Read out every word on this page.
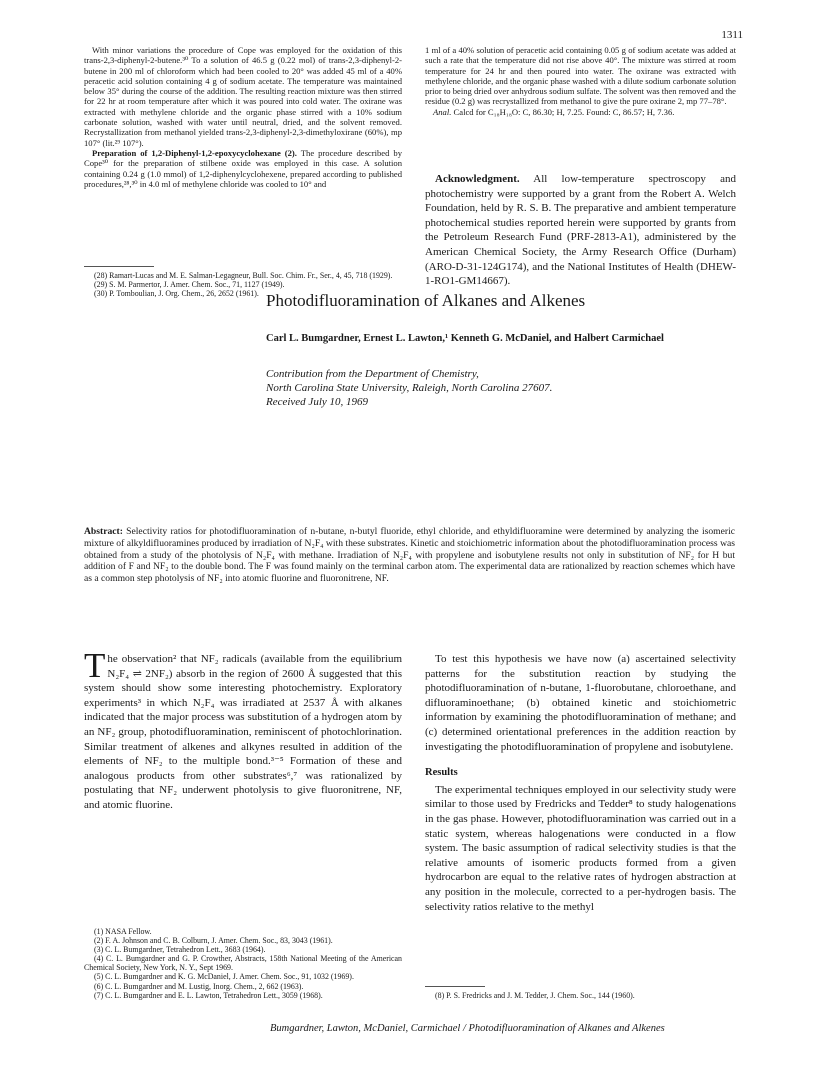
1311

With minor variations the procedure of Cope was employed for the oxidation of this trans-2,3-diphenyl-2-butene.³⁰ To a solution of 46.5 g (0.22 mol) of trans-2,3-diphenyl-2-butene in 200 ml of chloroform which had been cooled to 20° was added 45 ml of a 40% peracetic acid solution containing 4 g of sodium acetate. The temperature was maintained below 35° during the course of the addition. The resulting reaction mixture was then stirred for 22 hr at room temperature after which it was poured into cold water. The oxirane was extracted with methylene chloride and the organic phase stirred with a 10% sodium carbonate solution, washed with water until neutral, dried, and the solvent removed. Recrystallization from methanol yielded trans-2,3-diphenyl-2,3-dimethyloxirane (60%), mp 107° (lit.²⁹ 107°).

Preparation of 1,2-Diphenyl-1,2-epoxycyclohexane (2). The procedure described by Cope³⁰ for the preparation of stilbene oxide was employed in this case. A solution containing 0.24 g (1.0 mmol) of 1,2-diphenylcyclohexene, prepared according to published procedures,²⁸,³⁰ in 4.0 ml of methylene chloride was cooled to 10° and

(28) Ramart-Lucas and M. E. Salman-Legagneur, Bull. Soc. Chim. Fr., Ser., 4, 45, 718 (1929).

(29) S. M. Parmertor, J. Amer. Chem. Soc., 71, 1127 (1949).

(30) P. Tomboulian, J. Org. Chem., 26, 2652 (1961).

1 ml of a 40% solution of peracetic acid containing 0.05 g of sodium acetate was added at such a rate that the temperature did not rise above 40°. The mixture was stirred at room temperature for 24 hr and then poured into water. The oxirane was extracted with methylene chloride, and the organic phase washed with a dilute sodium carbonate solution prior to being dried over anhydrous sodium sulfate. The solvent was then removed and the residue (0.2 g) was recrystallized from methanol to give the pure oxirane 2, mp 77–78°.

Anal. Calcd for C₁₈H₁₈O: C, 86.30; H, 7.25. Found: C, 86.57; H, 7.36.

Acknowledgment. All low-temperature spectroscopy and photochemistry were supported by a grant from the Robert A. Welch Foundation, held by R. S. B. The preparative and ambient temperature photochemical studies reported herein were supported by grants from the Petroleum Research Fund (PRF-2813-A1), administered by the American Chemical Society, the Army Research Office (Durham) (ARO-D-31-124G174), and the National Institutes of Health (DHEW-1-RO1-GM14667).

Photodifluoramination of Alkanes and Alkenes
Carl L. Bumgardner, Ernest L. Lawton,¹ Kenneth G. McDaniel, and Halbert Carmichael
Contribution from the Department of Chemistry,
North Carolina State University, Raleigh, North Carolina 27607.
Received July 10, 1969
Abstract: Selectivity ratios for photodifluoramination of n-butane, n-butyl fluoride, ethyl chloride, and ethyldifluoramine were determined by analyzing the isomeric mixture of alkyldifluoramines produced by irradiation of N₂F₄ with these substrates. Kinetic and stoichiometric information about the photodifluoramination process was obtained from a study of the photolysis of N₂F₄ with methane. Irradiation of N₂F₄ with propylene and isobutylene results not only in substitution of NF₂ for H but addition of F and NF₂ to the double bond. The F was found mainly on the terminal carbon atom. The experimental data are rationalized by reaction schemes which have as a common step photolysis of NF₂ into atomic fluorine and fluoronitrene, NF.

The observation² that NF₂ radicals (available from the equilibrium N₂F₄ ⇌ 2NF₂) absorb in the region of 2600 Å suggested that this system should show some interesting photochemistry. Exploratory experiments³ in which N₂F₄ was irradiated at 2537 Å with alkanes indicated that the major process was substitution of a hydrogen atom by an NF₂ group, photodifluoramination, reminiscent of photochlorination. Similar treatment of alkenes and alkynes resulted in addition of the elements of NF₂ to the multiple bond.³⁻⁵ Formation of these and analogous products from other substrates⁶,⁷ was rationalized by postulating that NF₂ underwent photolysis to give fluoronitrene, NF, and atomic fluorine.

(1) NASA Fellow.

(2) F. A. Johnson and C. B. Colburn, J. Amer. Chem. Soc., 83, 3043 (1961).

(3) C. L. Bumgardner, Tetrahedron Lett., 3683 (1964).

(4) C. L. Bumgardner and G. P. Crowther, Abstracts, 158th National Meeting of the American Chemical Society, New York, N. Y., Sept 1969.

(5) C. L. Bumgardner and K. G. McDaniel, J. Amer. Chem. Soc., 91, 1032 (1969).

(6) C. L. Bumgardner and M. Lustig, Inorg. Chem., 2, 662 (1963).

(7) C. L. Bumgardner and E. L. Lawton, Tetrahedron Lett., 3059 (1968).

To test this hypothesis we have now (a) ascertained selectivity patterns for the substitution reaction by studying the photodifluoramination of n-butane, 1-fluorobutane, chloroethane, and difluoraminoethane; (b) obtained kinetic and stoichiometric information by examining the photodifluoramination of methane; and (c) determined orientational preferences in the addition reaction by investigating the photodifluoramination of propylene and isobutylene.

Results

The experimental techniques employed in our selectivity study were similar to those used by Fredricks and Tedder⁸ to study halogenations in the gas phase. However, photodifluoramination was carried out in a static system, whereas halogenations were conducted in a flow system. The basic assumption of radical selectivity studies is that the relative amounts of isomeric products formed from a given hydrocarbon are equal to the relative rates of hydrogen abstraction at any position in the molecule, corrected to a per-hydrogen basis. The selectivity ratios relative to the methyl

(8) P. S. Fredricks and J. M. Tedder, J. Chem. Soc., 144 (1960).

Bumgardner, Lawton, McDaniel, Carmichael / Photodifluoramination of Alkanes and Alkenes
